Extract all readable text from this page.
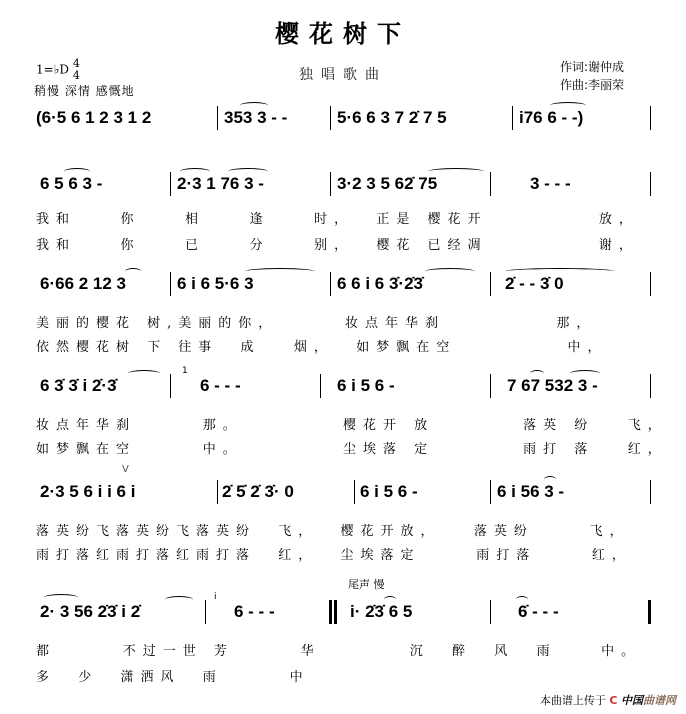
樱花树下
独唱歌曲
1=♭D 4
4
稍慢 深情 感慨地
作词:谢仲成
作曲:李丽荣
(6·5 6 1 2 3 1 2	353 3 - -	5·6 6 3 7 2̇ 7 5	i76 6 - -)
6 5 6 3 -	2·3 1 76 3 -	3·2 3 5 62̇ 75	3 - - -
我和    你    相    逢    时，  正是 樱花开          放，
我和    你    已    分    别，  樱花 已经凋          谢，
6·66 2 12 3	6 i 6 5·6 3	6 6 i 6 3̇·2̇3̇	2̇ - - 3̇ 0
美丽的樱花 树,美丽的你，      妆点年华刹          那，
依然樱花树 下 往事  成   烟，  如梦飘在空          中，
6 3̇ 3̇ i 2̇·3̇
1
6 - - -	6 i 5 6 -	7 67 532 3 -
妆点年华刹      那。         樱花开 放        落英 纷   飞，
如梦飘在空      中。         尘埃落 定        雨打 落   红，
V
2·3 5 6 i i 6 i	2̇ 5̇ 2̇ 3̇· 0	6 i 5 6 -	6 i 56 3 -
落英纷飞落英纷飞落英纷  飞，  樱花开放，   落英纷     飞，
雨打落红雨打落红雨打落  红，  尘埃落定     雨打落     红，
尾声 慢
2· 3 56 2̇3̇ i 2̇
i
6 - - -	i· 2̇3̇ 6 5	6̇ - - -
都      不过一世 芳      华        沉  醉  风  雨    中。
多  少  潇洒风  雨      中
本曲谱上传于 C 中国曲谱网
